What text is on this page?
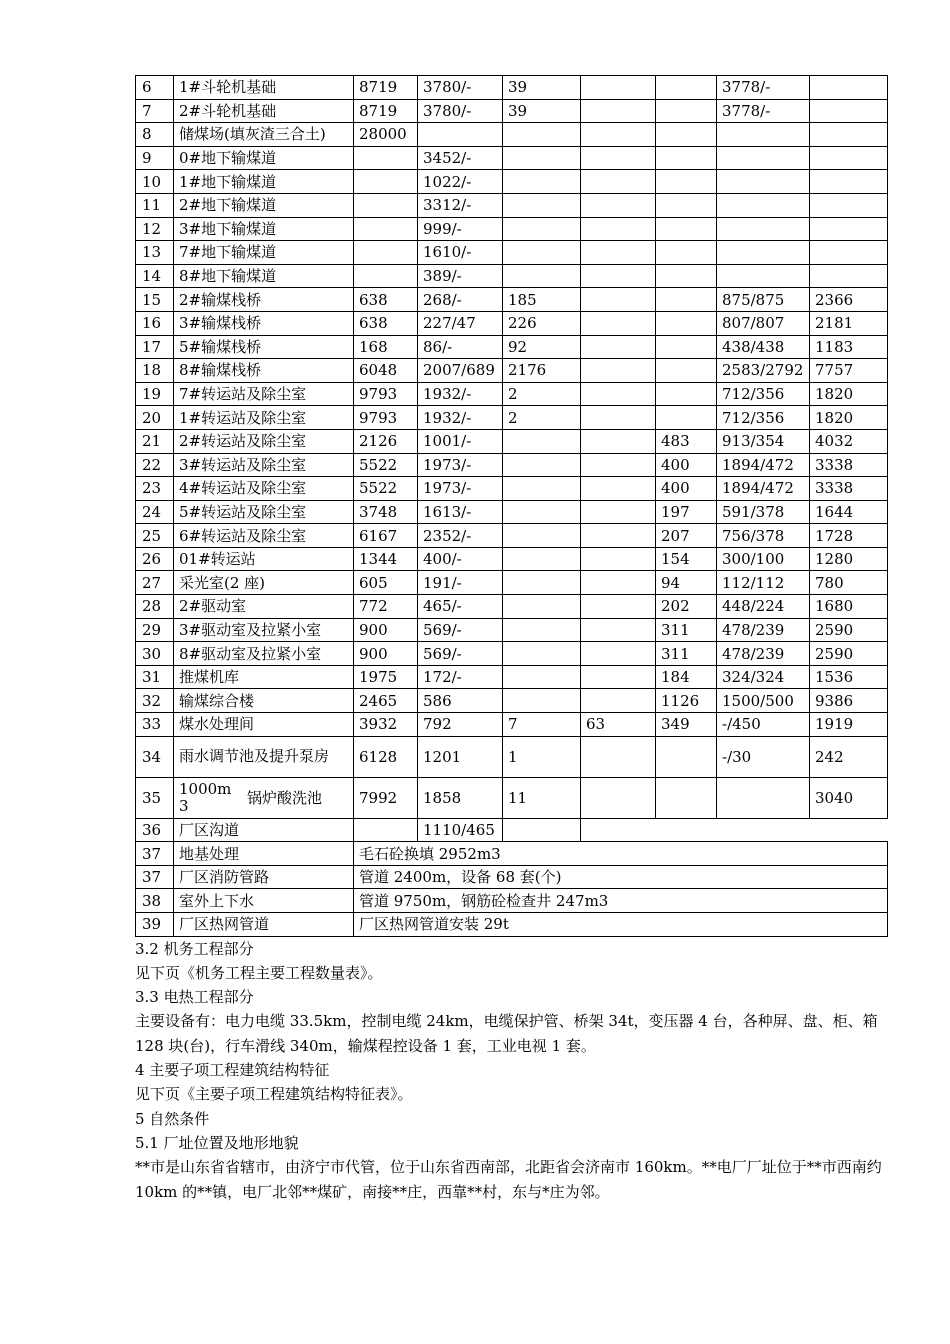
6	1#斗轮机基础	8719	3780/-	39			3778/-	
7	2#斗轮机基础	8719	3780/-	39			3778/-	
8	储煤场(填灰渣三合土)	28000						
9	0#地下输煤道		3452/-					
10	1#地下输煤道		1022/-					
11	2#地下输煤道		3312/-					
12	3#地下输煤道		999/-					
13	7#地下输煤道		1610/-					
14	8#地下输煤道		389/-					
15	2#输煤栈桥	638	268/-	185			875/875	2366
16	3#输煤栈桥	638	227/47	226			807/807	2181
17	5#输煤栈桥	168	86/-	92			438/438	1183
18	8#输煤栈桥	6048	2007/689	2176			2583/2792	7757
19	7#转运站及除尘室	9793	1932/-	2			712/356	1820
20	1#转运站及除尘室	9793	1932/-	2			712/356	1820
21	2#转运站及除尘室	2126	1001/-			483	913/354	4032
22	3#转运站及除尘室	5522	1973/-			400	1894/472	3338
23	4#转运站及除尘室	5522	1973/-			400	1894/472	3338
24	5#转运站及除尘室	3748	1613/-			197	591/378	1644
25	6#转运站及除尘室	6167	2352/-			207	756/378	1728
26	01#转运站	1344	400/-			154	300/100	1280
27	采光室(2 座)	605	191/-			94	112/112	780
28	2#驱动室	772	465/-			202	448/224	1680
29	3#驱动室及拉紧小室	900	569/-			311	478/239	2590
30	8#驱动室及拉紧小室	900	569/-			311	478/239	2590
31	推煤机库	1975	172/-			184	324/324	1536
32	输煤综合楼	2465	586			1126	1500/500	9386
33	煤水处理间	3932	792	7	63	349	-/450	1919
34	雨水调节池及提升泵房	6128	1201	1			-/30	242
35	1000m 3 锅炉酸洗池	7992	1858	11				3040
36	厂区沟道		1110/465					
37	地基处理	毛石砼换填 2952m3						
37	厂区消防管路	管道 2400m，设备 68 套(个)						
38	室外上下水	管道 9750m，钢筋砼检查井 247m3						
39	厂区热网管道	厂区热网管道安装 29t						

3.2 机务工程部分

见下页《机务工程主要工程数量表》。

3.3 电热工程部分

主要设备有：电力电缆 33.5km，控制电缆 24km，电缆保护管、桥架 34t，变压器 4 台，各种屏、盘、柜、箱 128 块(台)，行车滑线 340m，输煤程控设备 1 套，工业电视 1 套。

4 主要子项工程建筑结构特征

见下页《主要子项工程建筑结构特征表》。

5 自然条件

5.1 厂址位置及地形地貌

**市是山东省省辖市，由济宁市代管，位于山东省西南部，北距省会济南市 160km。**电厂厂址位于**市西南约 10km 的**镇，电厂北邻**煤矿，南接**庄，西靠**村，东与*庄为邻。
